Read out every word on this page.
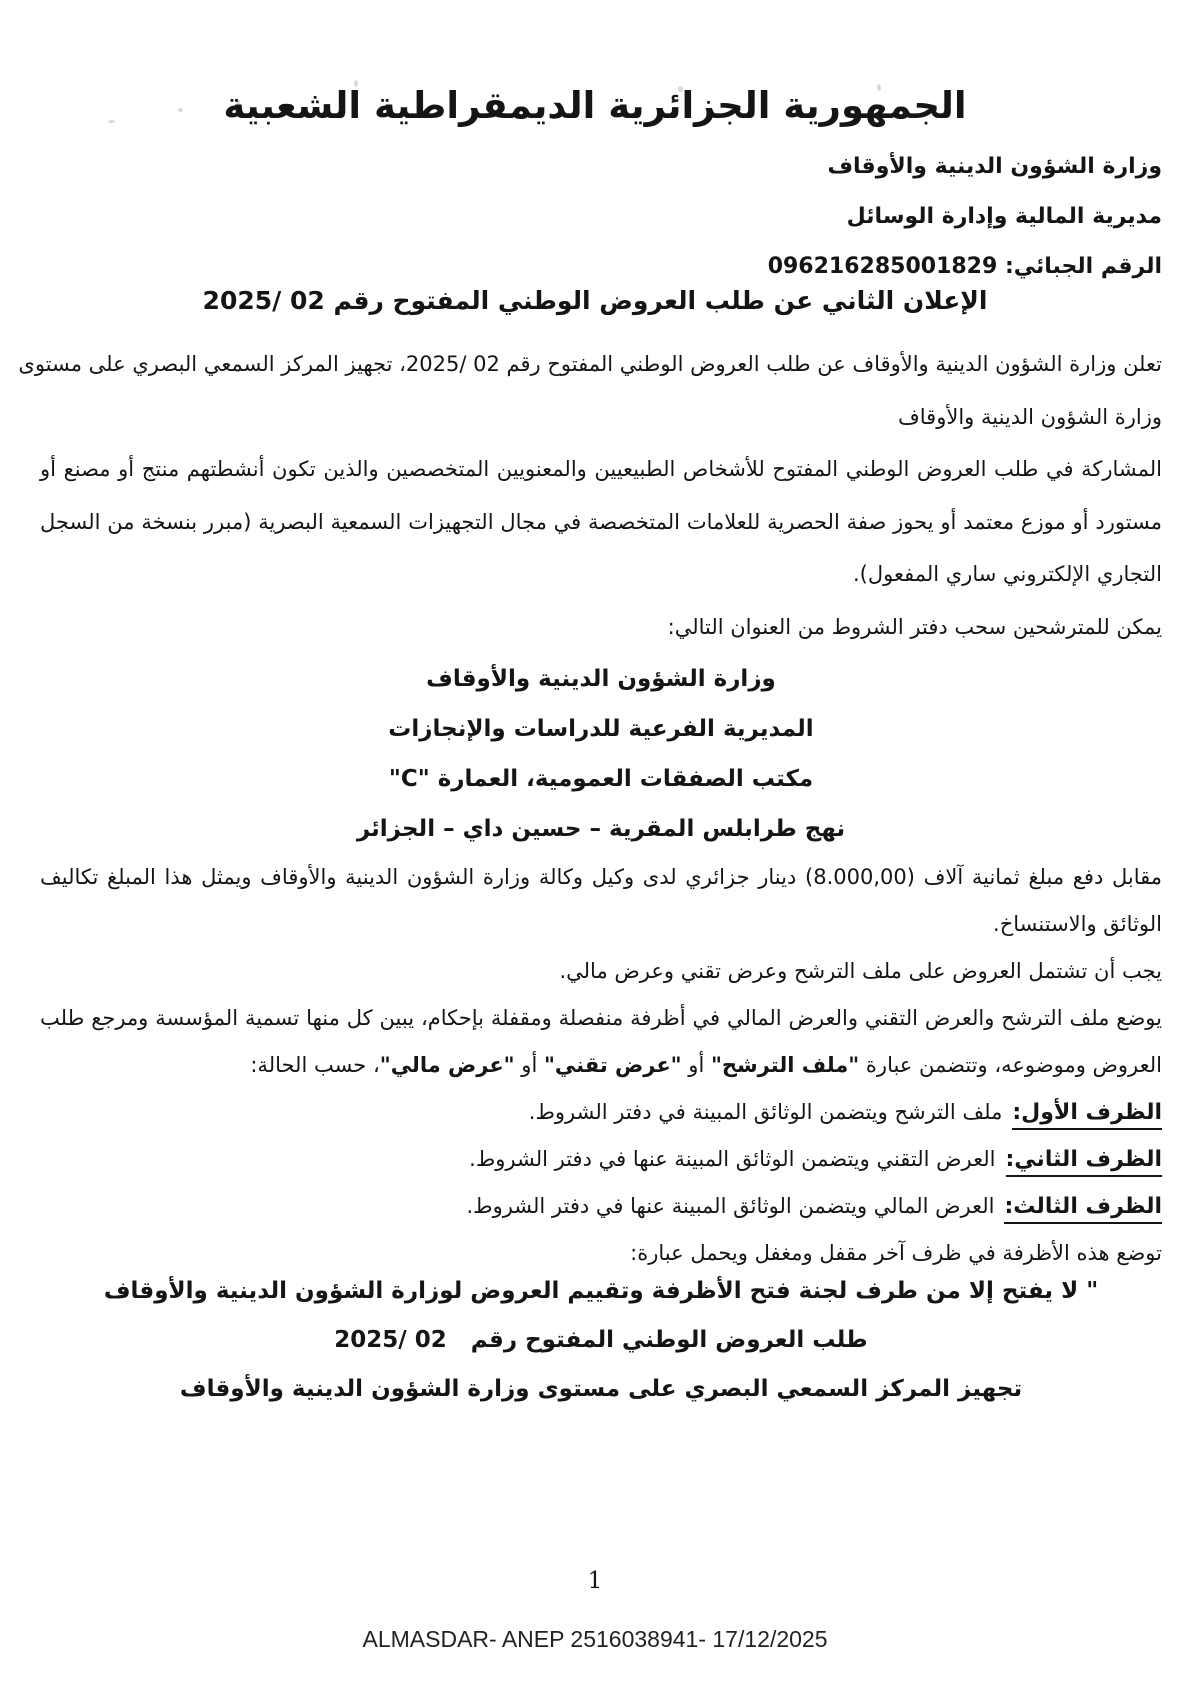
الجمهورية الجزائرية الديمقراطية الشعبية
وزارة الشؤون الدينية والأوقاف
مديرية المالية وإدارة الوسائل
الرقم الجبائي: 096216285001829
الإعلان الثاني عن طلب العروض الوطني المفتوح رقم 02 /2025
تعلن وزارة الشؤون الدينية والأوقاف عن طلب العروض الوطني المفتوح رقم 02 /2025، تجهيز المركز السمعي البصري على مستوى
وزارة الشؤون الدينية والأوقاف
المشاركة في طلب العروض الوطني المفتوح للأشخاص الطبيعيين والمعنويين المتخصصين والذين تكون أنشطتهم منتج أو مصنع أو
مستورد أو موزع معتمد أو يحوز صفة الحصرية للعلامات المتخصصة في مجال التجهيزات السمعية البصرية (مبرر بنسخة من السجل
التجاري الإلكتروني ساري المفعول).
يمكن للمترشحين سحب دفتر الشروط من العنوان التالي:
وزارة الشؤون الدينية والأوقاف
المديرية الفرعية للدراسات والإنجازات
مكتب الصفقات العمومية، العمارة "C"
نهج طرابلس المقرية – حسين داي – الجزائر
مقابل دفع مبلغ ثمانية آلاف (8.000,00) دينار جزائري لدى وكيل وكالة وزارة الشؤون الدينية والأوقاف ويمثل هذا المبلغ تكاليف
الوثائق والاستنساخ.
يجب أن تشتمل العروض على ملف الترشح وعرض تقني وعرض مالي.
يوضع ملف الترشح والعرض التقني والعرض المالي في أظرفة منفصلة ومقفلة بإحكام، يبين كل منها تسمية المؤسسة ومرجع طلب
العروض وموضوعه، وتتضمن عبارة "ملف الترشح" أو "عرض تقني" أو "عرض مالي"، حسب الحالة:
الظرف الأول:ملف الترشح ويتضمن الوثائق المبينة في دفتر الشروط.
الظرف الثاني:العرض التقني ويتضمن الوثائق المبينة عنها في دفتر الشروط.
الظرف الثالث:العرض المالي ويتضمن الوثائق المبينة عنها في دفتر الشروط.
توضع هذه الأظرفة في ظرف آخر مقفل ومغفل ويحمل عبارة:
" لا يفتح إلا من طرف لجنة فتح الأظرفة وتقييم العروض لوزارة الشؤون الدينية والأوقاف
طلب العروض الوطني المفتوح رقم   02 /2025
تجهيز المركز السمعي البصري على مستوى وزارة الشؤون الدينية والأوقاف
1
ALMASDAR- ANEP 2516038941- 17/12/2025
